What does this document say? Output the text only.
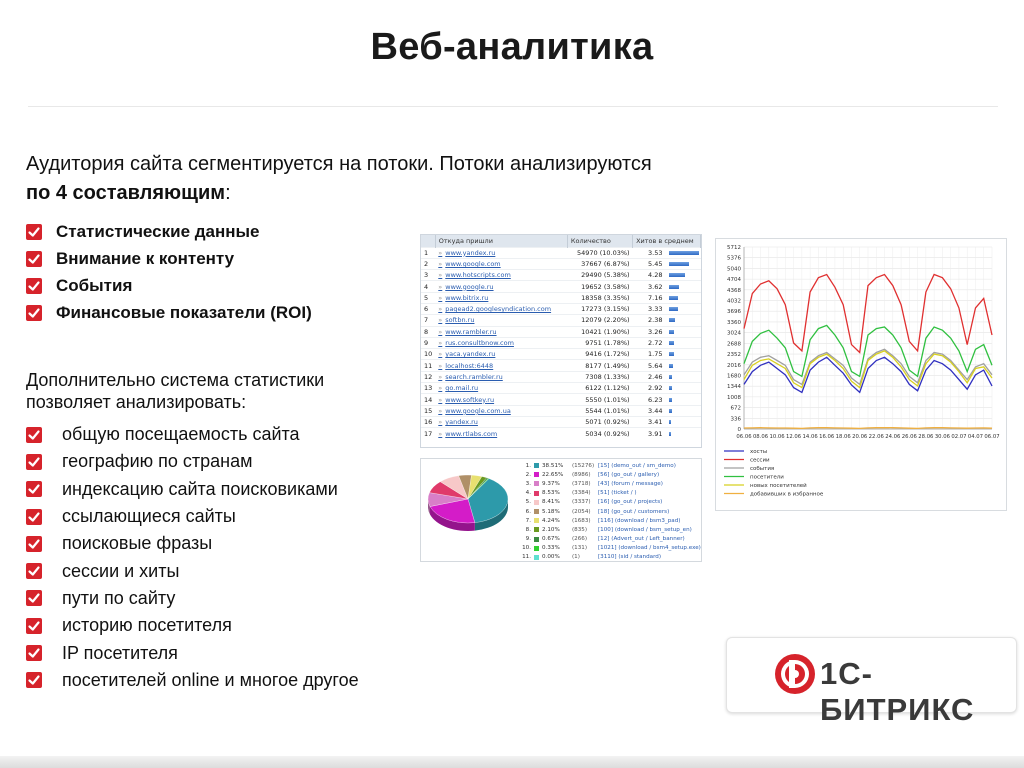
Веб-аналитика
Аудитория сайта сегментируется на потоки. Потоки анализируются
по 4 составляющим:
Статистические данные
Внимание к контенту
События
Финансовые показатели (ROI)
Дополнительно система статистики
позволяет анализировать:
общую посещаемость сайта
географию по странам
индексацию сайта поисковиками
ссылающиеся сайты
поисковые фразы
сессии и хиты
пути по сайту
историю посетителя
IP посетителя
посетителей online и многое другое
	Откуда пришли	Количество	Хитов в среднем	
1	» www.yandex.ru	54970 (10.03%)	3.53	

2	» www.google.com	37667 (6.87%)	5.45	

3	» www.hotscripts.com	29490 (5.38%)	4.28	

4	» www.google.ru	19652 (3.58%)	3.62	

5	» www.bitrix.ru	18358 (3.35%)	7.16	

6	» pagead2.googlesyndication.com	17273 (3.15%)	3.33	

7	» softbn.ru	12079 (2.20%)	2.38	

8	» www.rambler.ru	10421 (1.90%)	3.26	

9	» rus.consultbnow.com	9751 (1.78%)	2.72	

10	» yaca.yandex.ru	9416 (1.72%)	1.75	

11	» localhost:6448	8177 (1.49%)	5.64	

12	» search.rambler.ru	7308 (1.33%)	2.46	

13	» go.mail.ru	6122 (1.12%)	2.92	

14	» www.softkey.ru	5550 (1.01%)	6.23	

15	» www.google.com.ua	5544 (1.01%)	3.44	

16	» yandex.ru	5071 (0.92%)	3.41	

17	» www.rtlabs.com	5034 (0.92%)	3.91	
1. 38.51%	(15276) [15] (demo_out / sm_demo)
2. 22.65%	(8986)	[56] (go_out / gallery)
3. 9.37%	(3718)	[43] (forum / message)
4. 8.53%	(3384)	[51] (ticket / )
5. 8.41%	(3337)	[16] (go_out / projects)
6. 5.18%	(2054)	[18] (go_out / customers)
7. 4.24%	(1683)	[116] (download / bsm3_pad)
8. 2.10%	(835)	[100] (download / bsm_setup_en)
9. 0.67%	(266)	[12] (Advert_out / Left_banner)
10. 0.33%	(131)	[1021] (download / bsm4_setup.exe)
11. 0.00%	(1)	[3110] (sid / standard)
5712
5376
5040
4704
4368
4032
3696
3360
3024
2688
2352
2016
1680
1344
1008
672
336
0
06.06 08.06 10.06 12.06 14.06 16.06 18.06 20.06 22.06 24.06 26.06 28.06 30.06 02.07 04.07 06.07
хосты
сессии
события
посетители
новых посетителей
добавивших в избранное
1С-БИТРИКС
